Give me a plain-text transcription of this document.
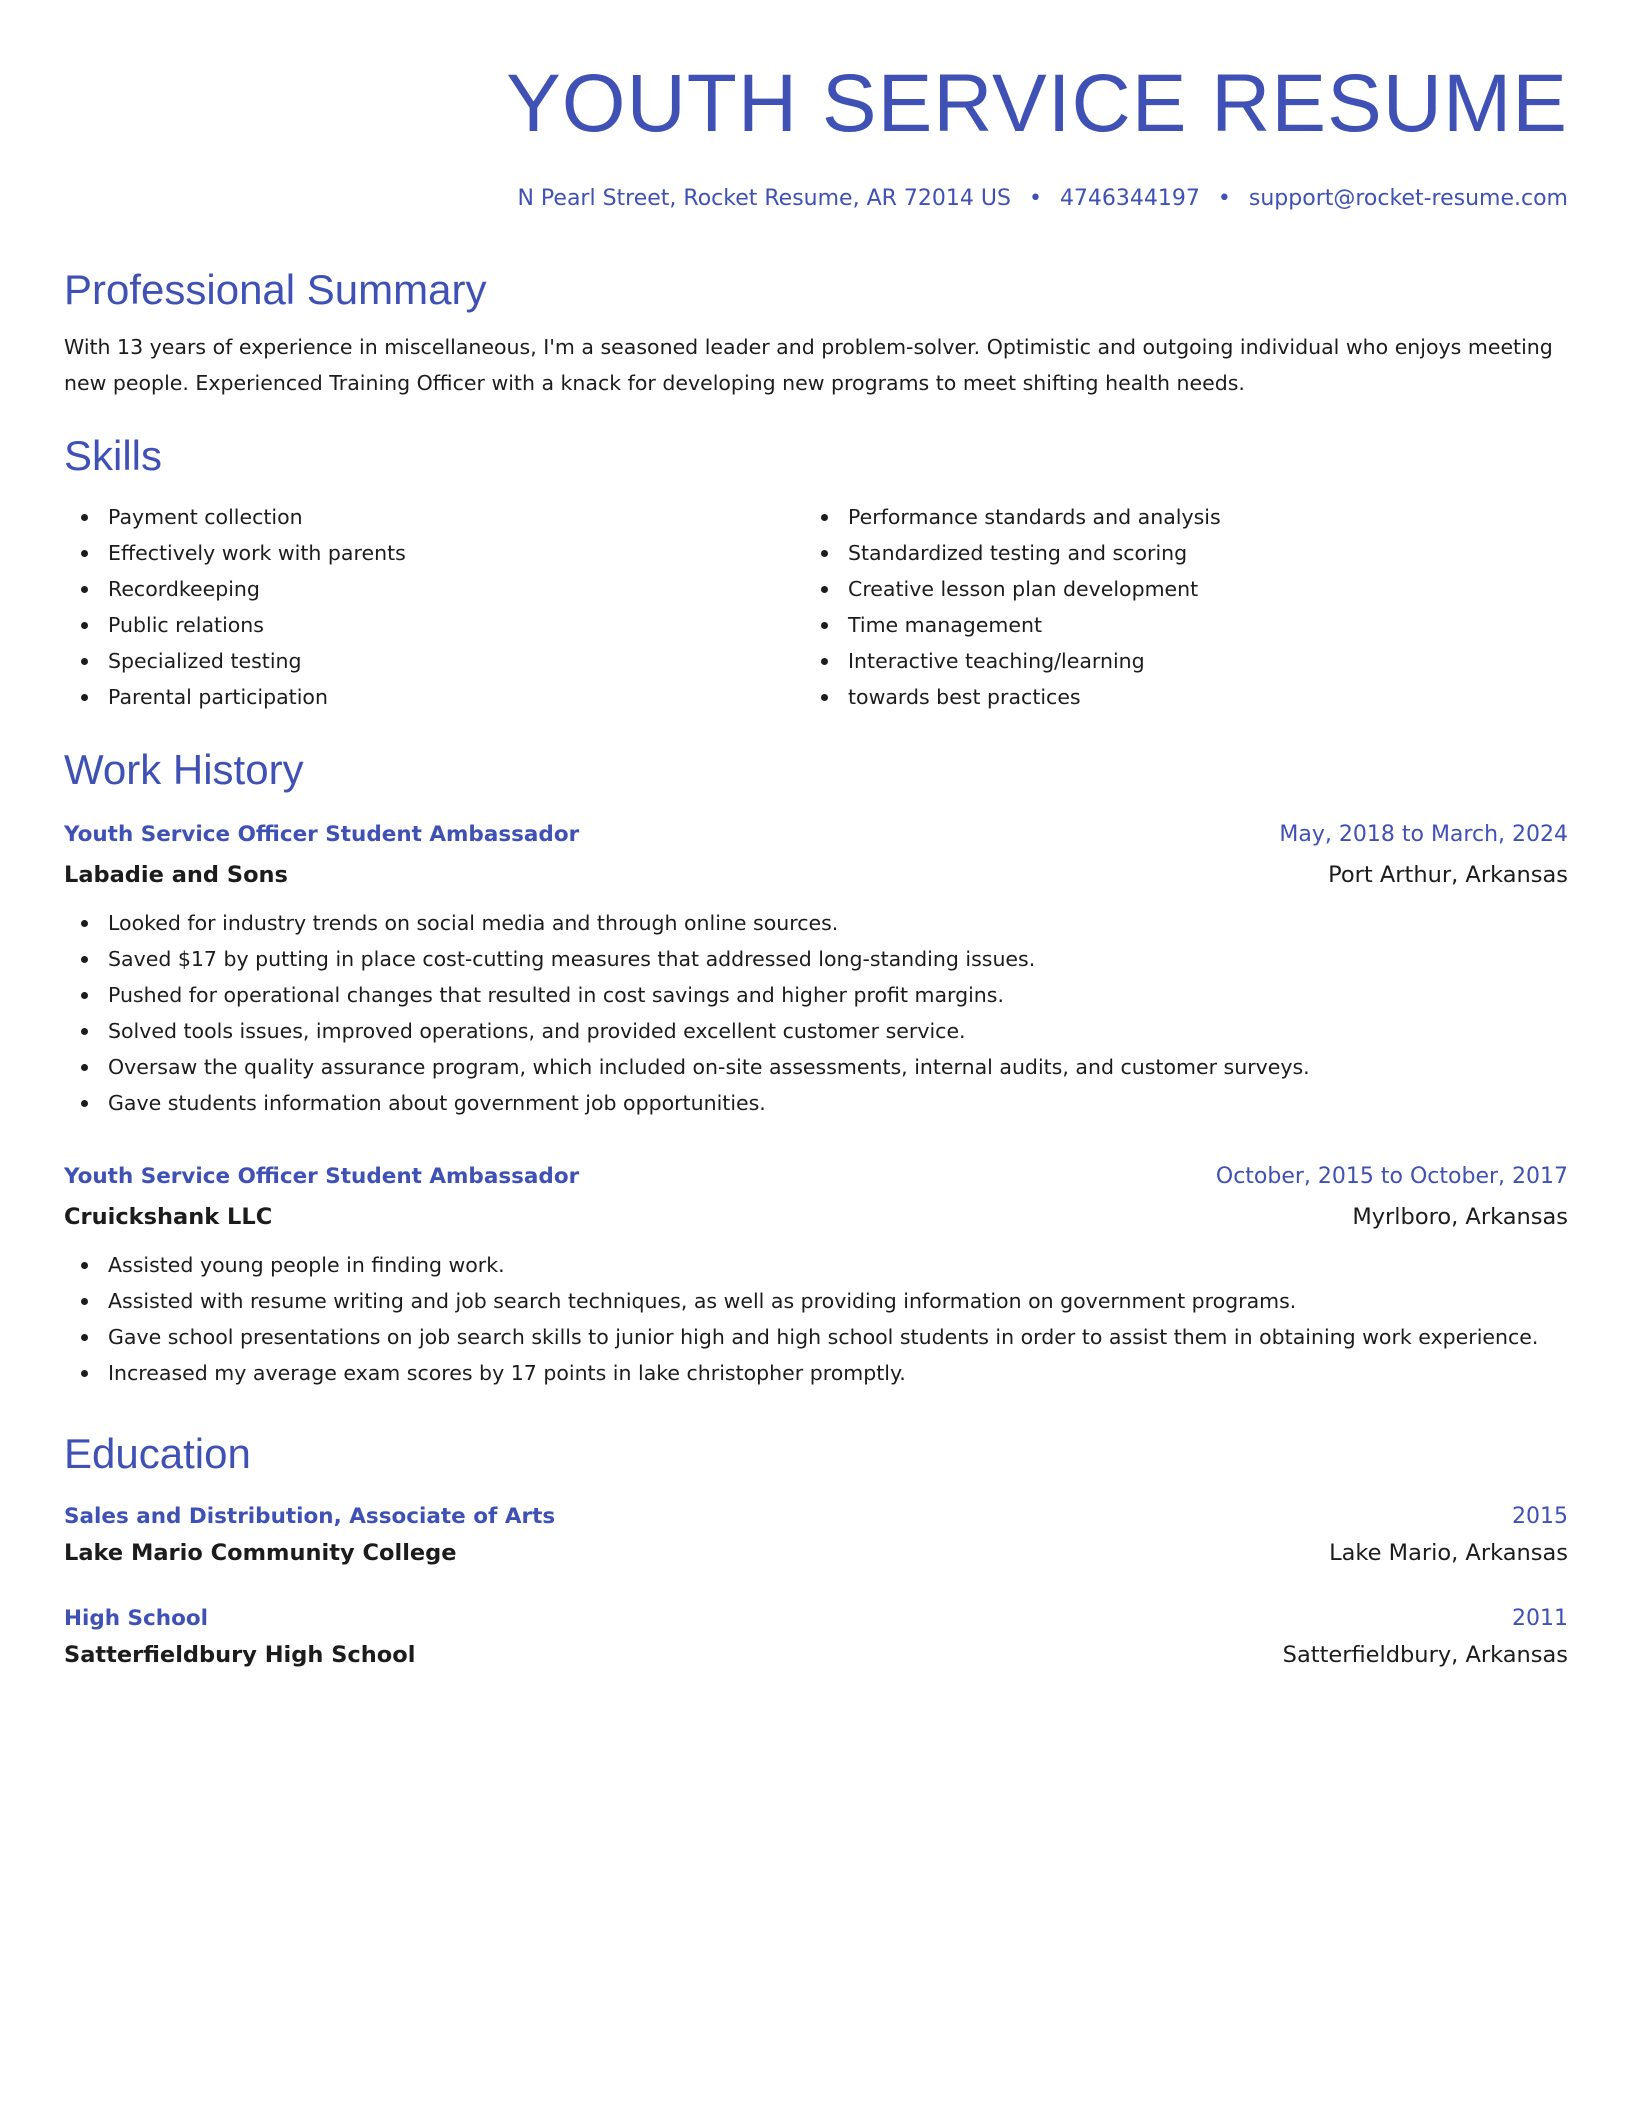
YOUTH SERVICE RESUME
N Pearl Street, Rocket Resume, AR 72014 US • 4746344197 • support@rocket-resume.com
Professional Summary

With 13 years of experience in miscellaneous, I'm a seasoned leader and problem-solver. Optimistic and outgoing individual who enjoys meeting new people. Experienced Training Officer with a knack for developing new programs to meet shifting health needs.

Skills
Payment collection
Effectively work with parents
Recordkeeping
Public relations
Specialized testing
Parental participation
Performance standards and analysis
Standardized testing and scoring
Creative lesson plan development
Time management
Interactive teaching/learning
towards best practices
Work History
Youth Service Officer Student Ambassador	May, 2018 to March, 2024
Labadie and Sons	Port Arthur, Arkansas
Looked for industry trends on social media and through online sources.
Saved $17 by putting in place cost-cutting measures that addressed long-standing issues.
Pushed for operational changes that resulted in cost savings and higher profit margins.
Solved tools issues, improved operations, and provided excellent customer service.
Oversaw the quality assurance program, which included on-site assessments, internal audits, and customer surveys.
Gave students information about government job opportunities.
Youth Service Officer Student Ambassador	October, 2015 to October, 2017
Cruickshank LLC	Myrlboro, Arkansas
Assisted young people in finding work.
Assisted with resume writing and job search techniques, as well as providing information on government programs.
Gave school presentations on job search skills to junior high and high school students in order to assist them in obtaining work experience.
Increased my average exam scores by 17 points in lake christopher promptly.
Education
Sales and Distribution, Associate of Arts	2015
Lake Mario Community College	Lake Mario, Arkansas
High School	2011
Satterfieldbury High School	Satterfieldbury, Arkansas
